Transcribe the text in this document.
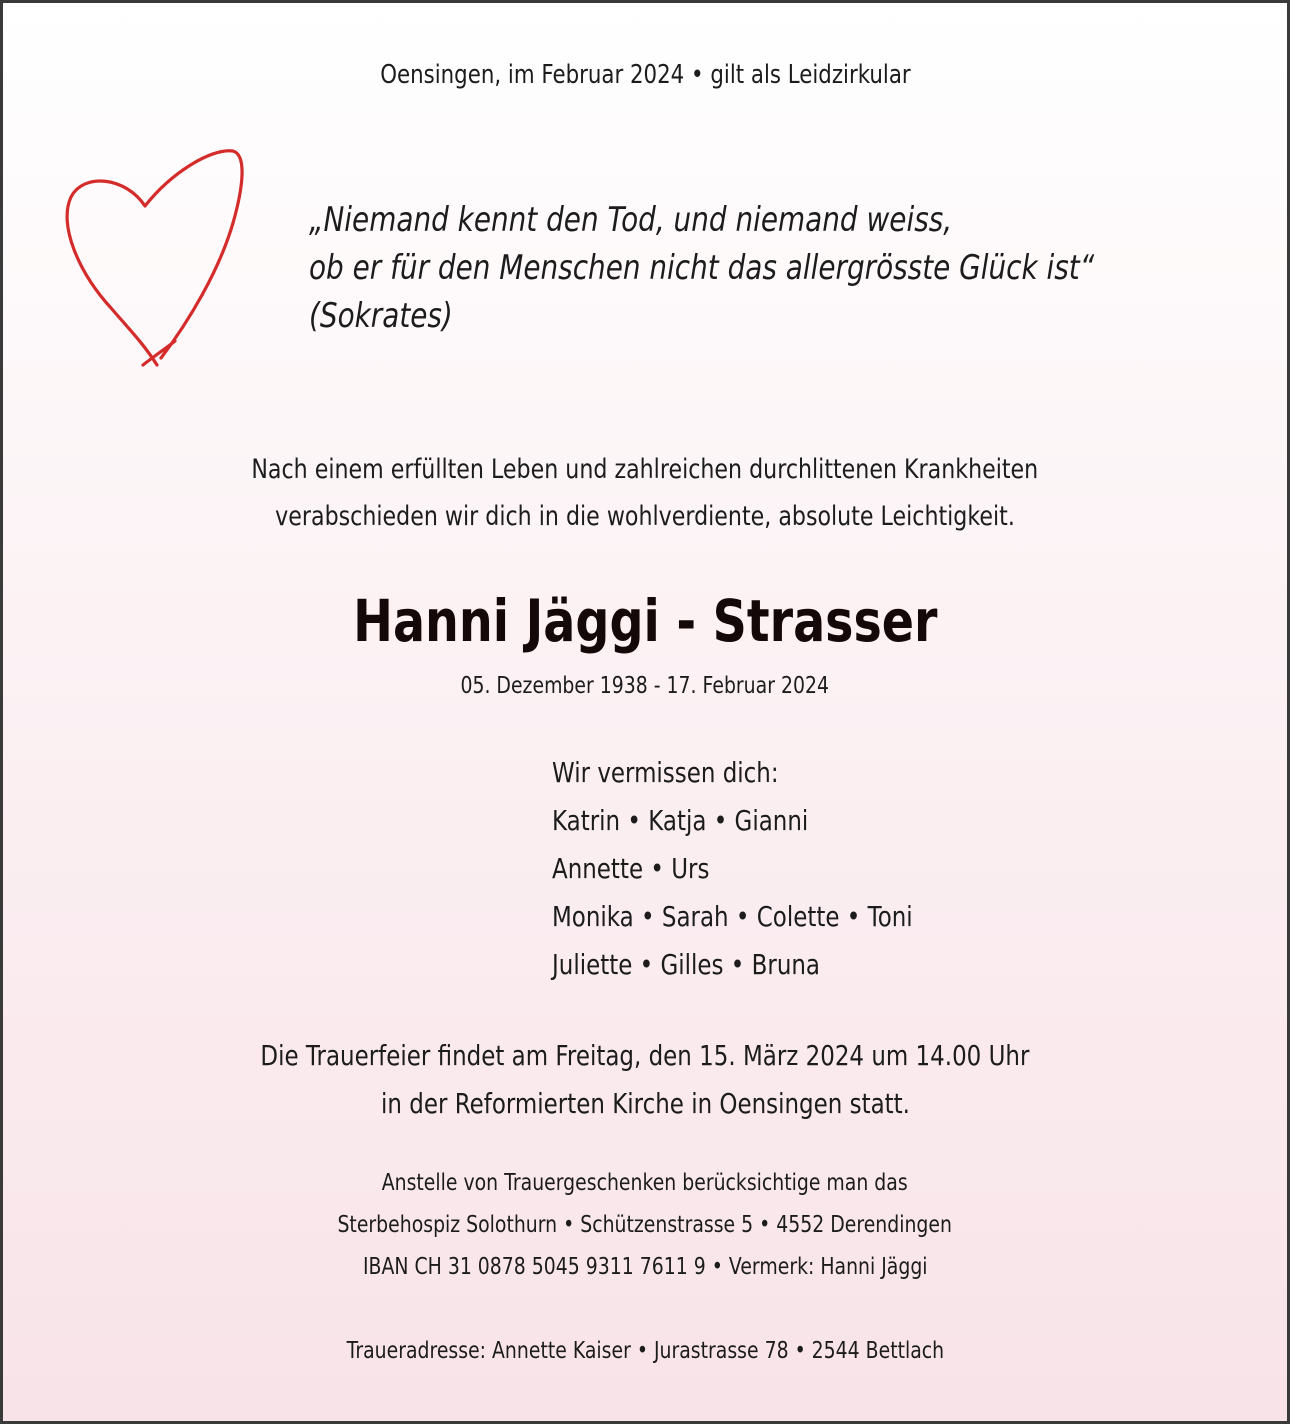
Oensingen, im Februar 2024 • gilt als Leidzirkular
„Niemand kennt den Tod, und niemand weiss,
ob er für den Menschen nicht das allergrösste Glück ist“
(Sokrates)
Nach einem erfüllten Leben und zahlreichen durchlittenen Krankheiten
verabschieden wir dich in die wohlverdiente, absolute Leichtigkeit.
Hanni Jäggi - Strasser
05. Dezember 1938 - 17. Februar 2024
Wir vermissen dich:
Katrin • Katja • Gianni
Annette • Urs
Monika • Sarah • Colette • Toni
Juliette • Gilles • Bruna
Die Trauerfeier findet am Freitag, den 15. März 2024 um 14.00 Uhr
in der Reformierten Kirche in Oensingen statt.
Anstelle von Trauergeschenken berücksichtige man das
Sterbehospiz Solothurn • Schützenstrasse 5 • 4552 Derendingen
IBAN CH 31 0878 5045 9311 7611 9 • Vermerk: Hanni Jäggi
Traueradresse: Annette Kaiser • Jurastrasse 78 • 2544 Bettlach
